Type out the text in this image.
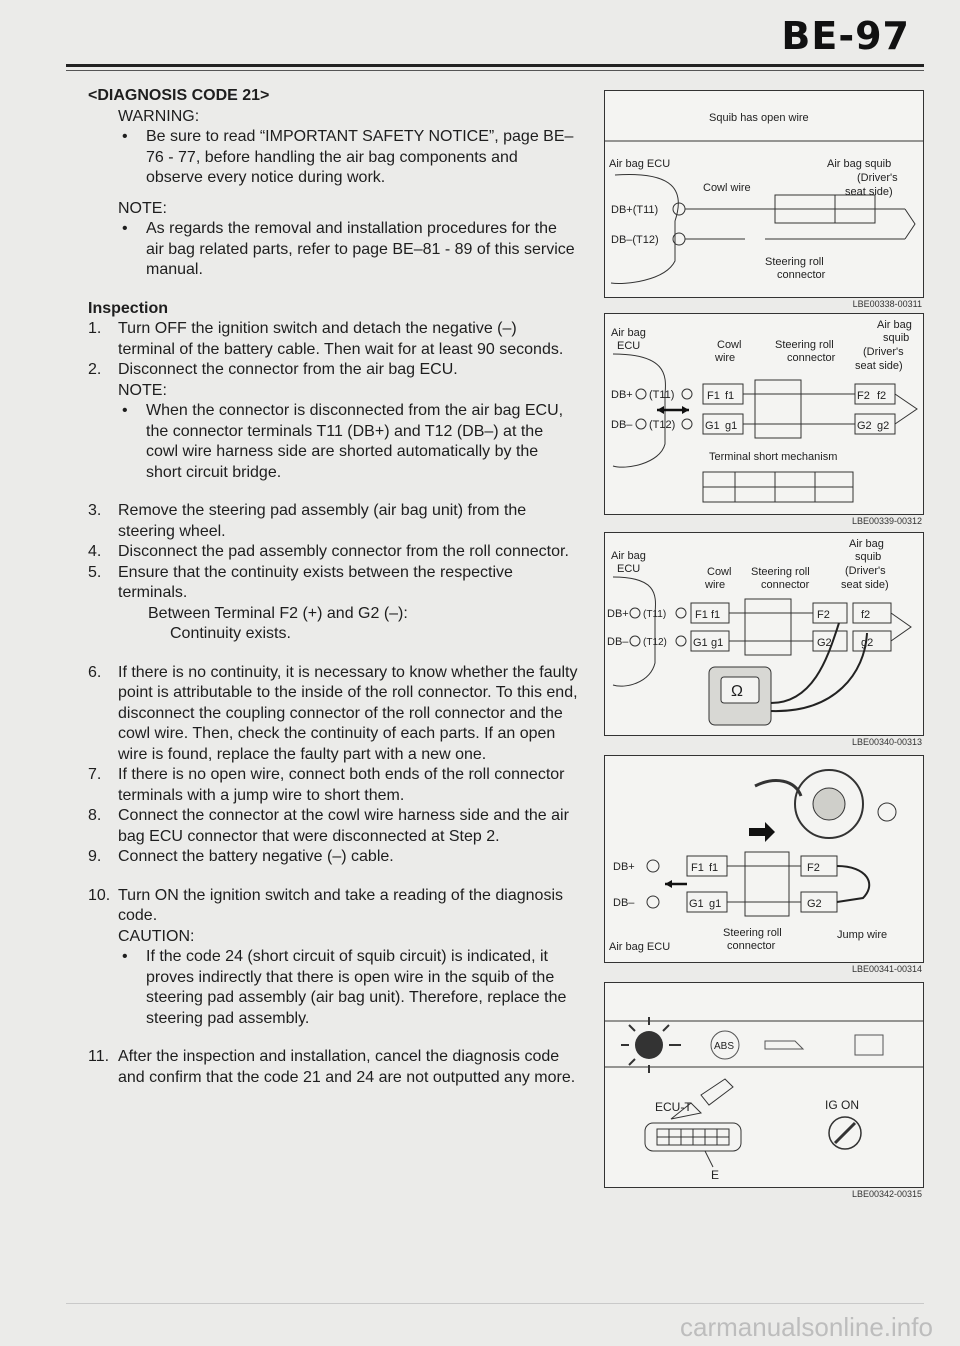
BE-97

<DIAGNOSIS CODE 21>

WARNING:

• Be sure to read “IMPORTANT SAFETY NOTICE”, page BE–76 - 77, before handling the air bag components and observe every notice during work.

NOTE:

• As regards the removal and installation procedures for the air bag related parts, refer to page BE–81 - 89 of this service manual.

Inspection

1. Turn OFF the ignition switch and detach the negative (–) terminal of the battery cable. Then wait for at least 90 seconds.

2. Disconnect the connector from the air bag ECU.

NOTE:

• When the connector is disconnected from the air bag ECU, the connector terminals T11 (DB+) and T12 (DB–) at the cowl wire harness side are shorted automatically by the short circuit bridge.

3. Remove the steering pad assembly (air bag unit) from the steering wheel.

4. Disconnect the pad assembly connector from the roll connector.

5. Ensure that the continuity exists between the respective terminals.

Between Terminal F2 (+) and G2 (–):

Continuity exists.

6. If there is no continuity, it is necessary to know whether the faulty point is attributable to the inside of the roll connector. To this end, disconnect the coupling connector of the roll connector and the cowl wire. Then, check the continuity of each parts. If an open wire is found, replace the faulty part with a new one.

7. If there is no open wire, connect both ends of the roll connector terminals with a jump wire to short them.

8. Connect the connector at the cowl wire harness side and the air bag ECU connector that were disconnected at Step 2.

9. Connect the battery negative (–) cable.

10. Turn ON the ignition switch and take a reading of the diagnosis code.

CAUTION:

• If the code 24 (short circuit of squib circuit) is indicated, it proves indirectly that there is open wire in the squib of the steering pad assembly (air bag unit). Therefore, replace the steering pad assembly.

11. After the inspection and installation, cancel the diagnosis code and confirm that the code 21 and 24 are not outputted any more.

Squib has open wire
Air bag ECU	Air bag squib
(Driver's
seat side)
Cowl wire
DB+(T11)
DB–(T12)
Steering roll
connector
LBE00338-00311
Air bag
ECU	Cowl
wire
Steering roll
connector
Air bag
squib
(Driver's
seat side)
DB+
DB–
(T11)
(T12)
F1 f1
G1 g1
F2 f2
G2 g2
Terminal short mechanism
LBE00339-00312
Air bag
ECU	Cowl
wire
Steering roll
connector
Air bag
squib
(Driver's
seat side)
DB+
DB–
(T11)
(T12)
F1 f1
G1 g1
F2
G2
f2
g2
Ω
LBE00340-00313
DB+
DB–
F1 f1
G1 g1
F2
G2
Air bag ECU
Steering roll
connector
Jump wire
LBE00341-00314
ABS
ECU-T
E
IG ON
LBE00342-00315
carmanualsonline.info
